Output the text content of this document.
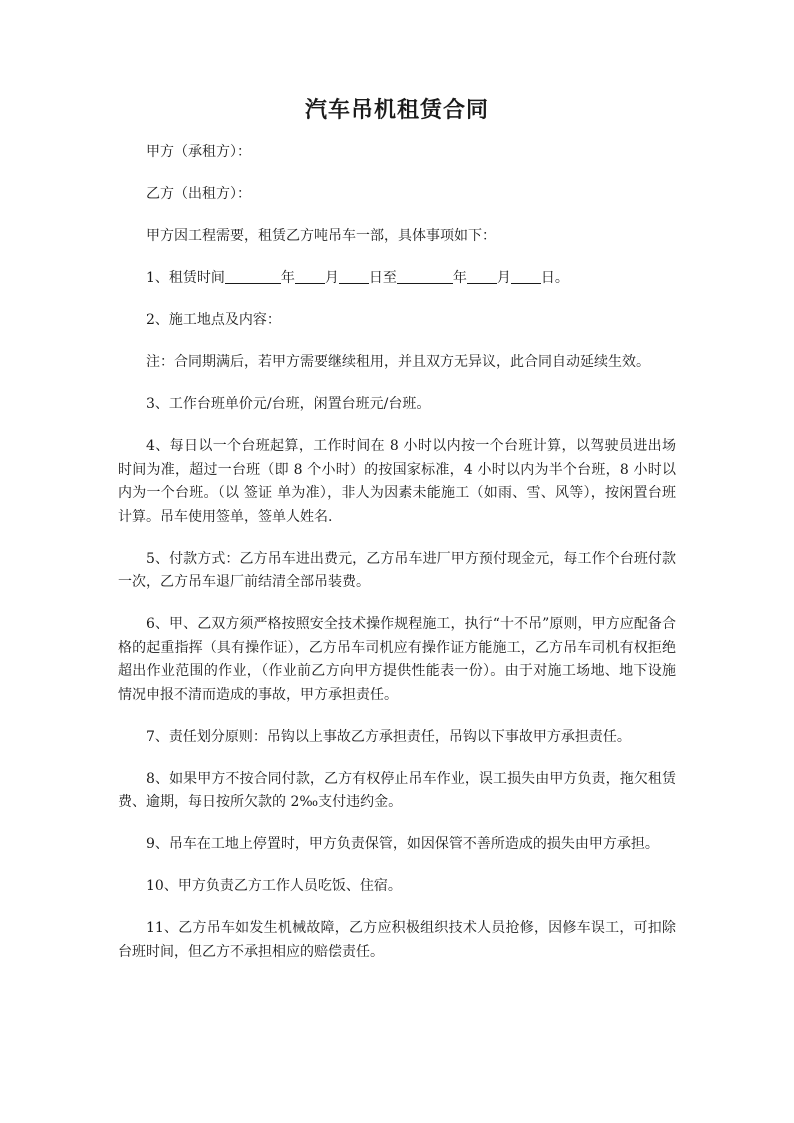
汽车吊机租赁合同

甲方（承租方）：

乙方（出租方）：

甲方因工程需要，租赁乙方吨吊车一部，具体事项如下：

1、租赁时间	年 月 日至	年 月 日。

2、施工地点及内容：

注：合同期满后，若甲方需要继续租用，并且双方无异议，此合同自动延续生效。

3、工作台班单价元/台班，闲置台班元/台班。

4、每日以一个台班起算，工作时间在 8 小时以内按一个台班计算，以驾驶员进出场时间为准，超过一台班（即 8 个小时）的按国家标准，4 小时以内为半个台班，8 小时以内为一个台班。（以 签证 单为准），非人为因素未能施工（如雨、雪、风等），按闲置台班计算。吊车使用签单，签单人姓名.

5、付款方式：乙方吊车进出费元，乙方吊车进厂甲方预付现金元，每工作个台班付款一次，乙方吊车退厂前结清全部吊装费。

6、甲、乙双方须严格按照安全技术操作规程施工，执行“十不吊”原则，甲方应配备合格的起重指挥（具有操作证），乙方吊车司机应有操作证方能施工，乙方吊车司机有权拒绝超出作业范围的作业，（作业前乙方向甲方提供性能表一份）。由于对施工场地、地下设施情况申报不清而造成的事故，甲方承担责任。

7、责任划分原则：吊钩以上事故乙方承担责任，吊钩以下事故甲方承担责任。

8、如果甲方不按合同付款，乙方有权停止吊车作业，误工损失由甲方负责，拖欠租赁费、逾期，每日按所欠款的 2‰支付违约金。

9、吊车在工地上停置时，甲方负责保管，如因保管不善所造成的损失由甲方承担。

10、甲方负责乙方工作人员吃饭、住宿。

11、乙方吊车如发生机械故障，乙方应积极组织技术人员抢修，因修车误工，可扣除台班时间，但乙方不承担相应的赔偿责任。
